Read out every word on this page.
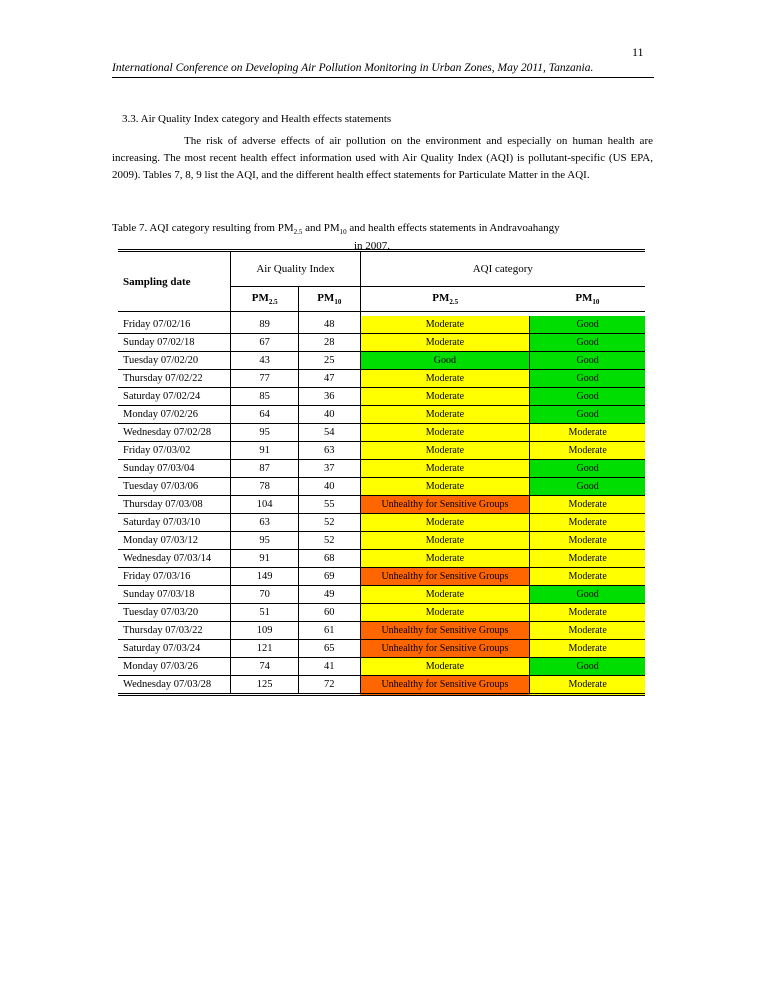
11
International Conference on Developing Air Pollution Monitoring in Urban Zones, May 2011, Tanzania.
3.3. Air Quality Index category and Health effects statements

The risk of adverse effects of air pollution on the environment and especially on human health are increasing. The most recent health effect information used with Air Quality Index (AQI) is pollutant-specific (US EPA, 2009). Tables 7, 8, 9 list the AQI, and the different health effect statements for Particulate Matter in the AQI.

Table 7. AQI category resulting from $PM_{2.5}$ and $PM_{10}$ and health effects statements in Andravoahangy
in 2007.
Sampling date	Air Quality Index		AQI category	
	$PM_{2.5}$	$PM_{10}$	$PM_{2.5}$	$PM_{10}$

Friday 07/02/16	89	48	Moderate	Good
Sunday 07/02/18	67	28	Moderate	Good
Tuesday 07/02/20	43	25	Good	Good
Thursday 07/02/22	77	47	Moderate	Good
Saturday 07/02/24	85	36	Moderate	Good
Monday 07/02/26	64	40	Moderate	Good
Wednesday 07/02/28	95	54	Moderate	Moderate
Friday 07/03/02	91	63	Moderate	Moderate
Sunday 07/03/04	87	37	Moderate	Good
Tuesday 07/03/06	78	40	Moderate	Good
Thursday 07/03/08	104	55	Unhealthy for Sensitive Groups	Moderate
Saturday 07/03/10	63	52	Moderate	Moderate
Monday 07/03/12	95	52	Moderate	Moderate
Wednesday 07/03/14	91	68	Moderate	Moderate
Friday 07/03/16	149	69	Unhealthy for Sensitive Groups	Moderate
Sunday 07/03/18	70	49	Moderate	Good
Tuesday 07/03/20	51	60	Moderate	Moderate
Thursday 07/03/22	109	61	Unhealthy for Sensitive Groups	Moderate
Saturday 07/03/24	121	65	Unhealthy for Sensitive Groups	Moderate
Monday 07/03/26	74	41	Moderate	Good
Wednesday 07/03/28	125	72	Unhealthy for Sensitive Groups	Moderate
